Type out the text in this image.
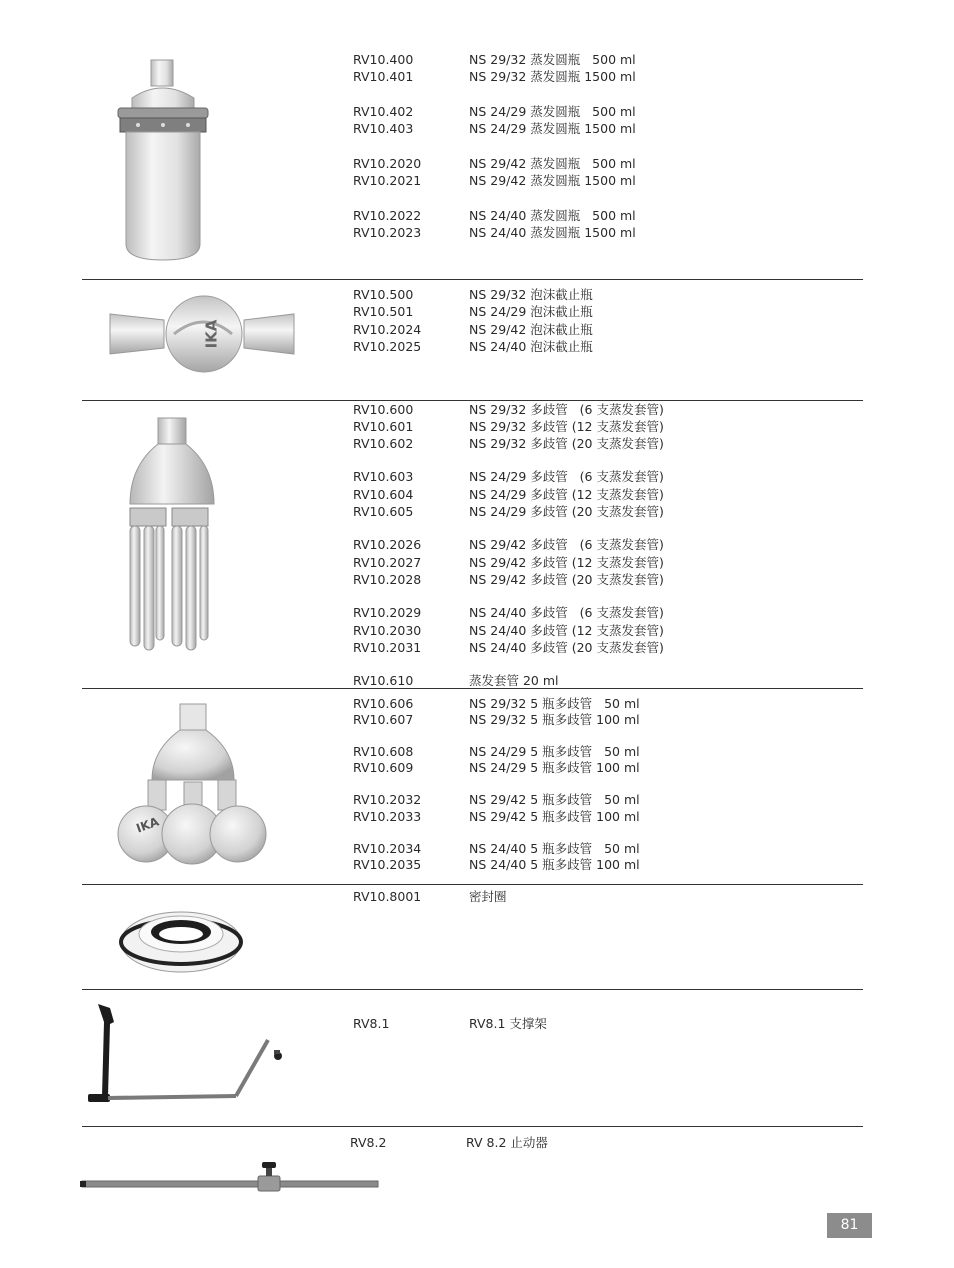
RV10.400	NS 29/32 蒸发圆瓶   500 ml
RV10.401	NS 29/32 蒸发圆瓶 1500 ml
RV10.402	NS 24/29 蒸发圆瓶   500 ml
RV10.403	NS 24/29 蒸发圆瓶 1500 ml
RV10.2020	NS 29/42 蒸发圆瓶   500 ml
RV10.2021	NS 29/42 蒸发圆瓶 1500 ml
RV10.2022	NS 24/40 蒸发圆瓶   500 ml
RV10.2023	NS 24/40 蒸发圆瓶 1500 ml
IKA
RV10.500	NS 29/32 泡沫截止瓶
RV10.501	NS 24/29 泡沫截止瓶
RV10.2024	NS 29/42 泡沫截止瓶
RV10.2025	NS 24/40 泡沫截止瓶
RV10.600	NS 29/32 多歧管   (6 支蒸发套管)
RV10.601	NS 29/32 多歧管 (12 支蒸发套管)
RV10.602	NS 29/32 多歧管 (20 支蒸发套管)
RV10.603	NS 24/29 多歧管   (6 支蒸发套管)
RV10.604	NS 24/29 多歧管 (12 支蒸发套管)
RV10.605	NS 24/29 多歧管 (20 支蒸发套管)
RV10.2026	NS 29/42 多歧管   (6 支蒸发套管)
RV10.2027	NS 29/42 多歧管 (12 支蒸发套管)
RV10.2028	NS 29/42 多歧管 (20 支蒸发套管)
RV10.2029	NS 24/40 多歧管   (6 支蒸发套管)
RV10.2030	NS 24/40 多歧管 (12 支蒸发套管)
RV10.2031	NS 24/40 多歧管 (20 支蒸发套管)
RV10.610	蒸发套管 20 ml
IKA
RV10.606	NS 29/32 5 瓶多歧管   50 ml
RV10.607	NS 29/32 5 瓶多歧管 100 ml
RV10.608	NS 24/29 5 瓶多歧管   50 ml
RV10.609	NS 24/29 5 瓶多歧管 100 ml
RV10.2032	NS 29/42 5 瓶多歧管   50 ml
RV10.2033	NS 29/42 5 瓶多歧管 100 ml
RV10.2034	NS 24/40 5 瓶多歧管   50 ml
RV10.2035	NS 24/40 5 瓶多歧管 100 ml
RV10.8001	密封圈
RV8.1	RV8.1 支撑架
RV8.2	RV 8.2 止动器
81
